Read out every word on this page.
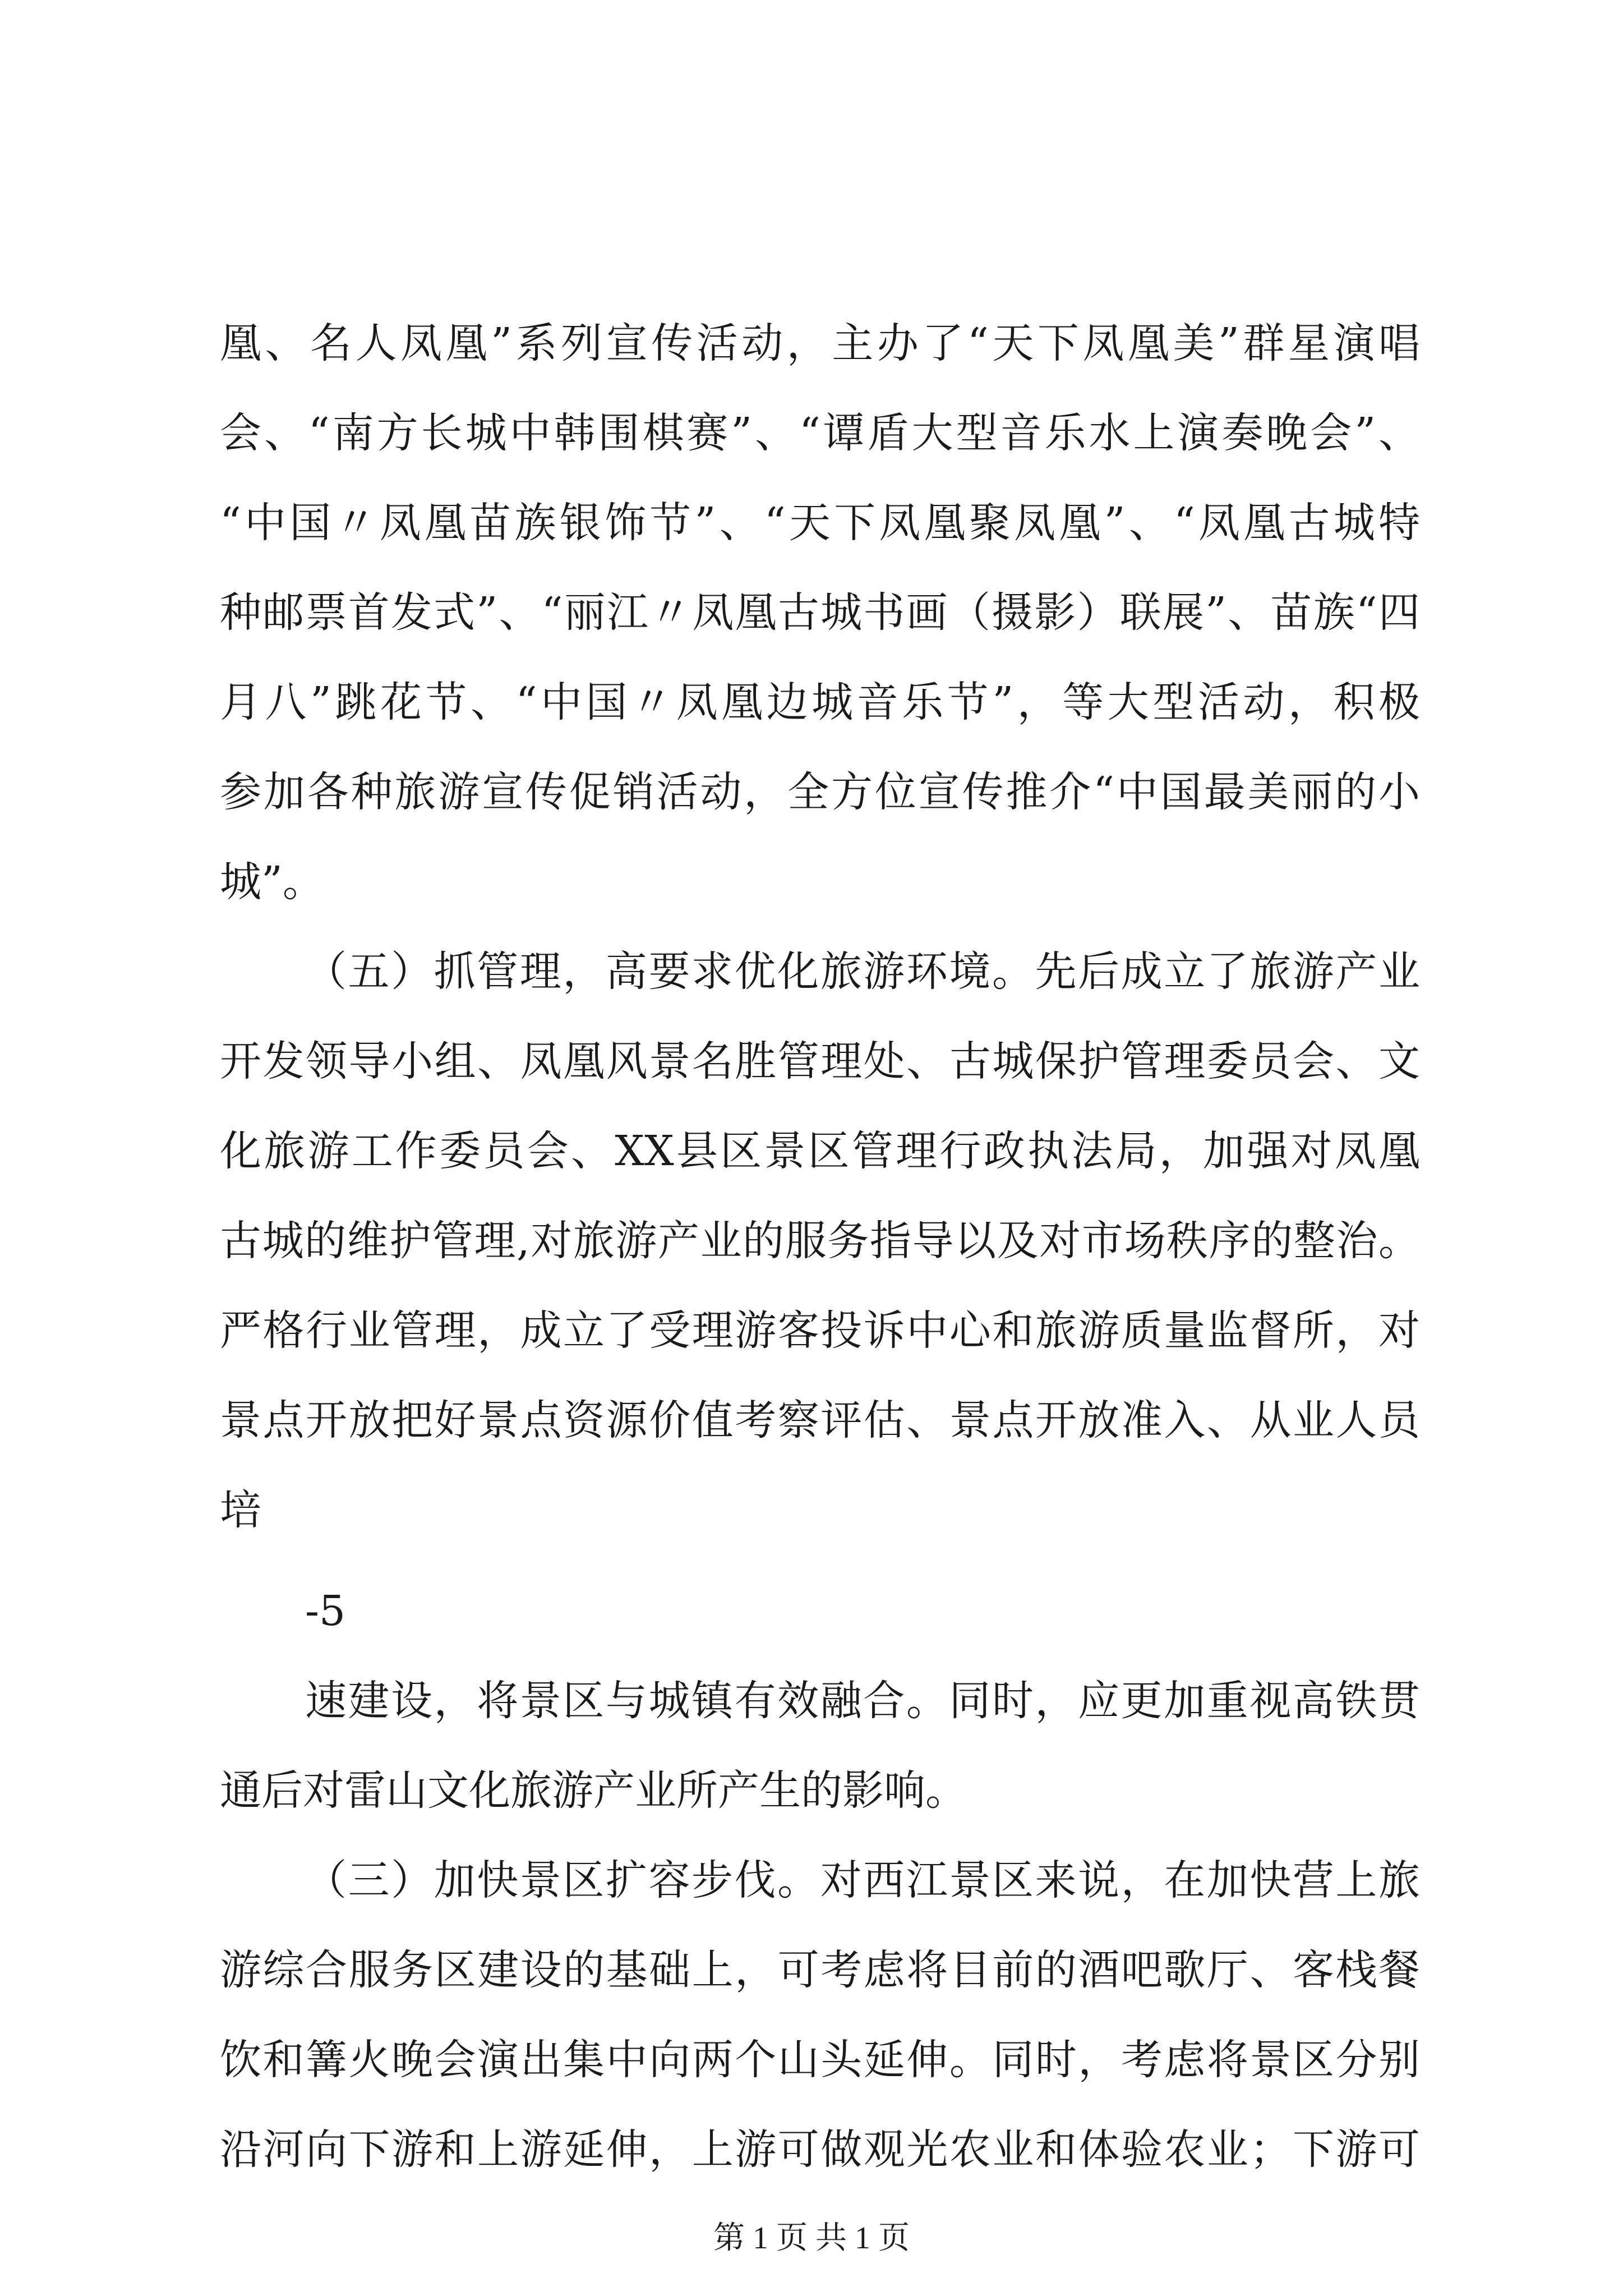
凰、名人凤凰”系列宣传活动，主办了“天下凤凰美”群星演唱
会、“南方长城中韩围棋赛”、“谭盾大型音乐水上演奏晚会”、
“中国〃凤凰苗族银饰节”、“天下凤凰聚凤凰”、“凤凰古城特
种邮票首发式”、“丽江〃凤凰古城书画（摄影）联展”、苗族“四
月八”跳花节、“中国〃凤凰边城音乐节”，等大型活动，积极
参加各种旅游宣传促销活动，全方位宣传推介“中国最美丽的小
城”。
（五）抓管理，高要求优化旅游环境。先后成立了旅游产业
开发领导小组、凤凰风景名胜管理处、古城保护管理委员会、文
化旅游工作委员会、XX县区景区管理行政执法局，加强对凤凰
古城的维护管理,对旅游产业的服务指导以及对市场秩序的整治。
严格行业管理，成立了受理游客投诉中心和旅游质量监督所，对
景点开放把好景点资源价值考察评估、景点开放准入、从业人员
培
-5
速建设，将景区与城镇有效融合。同时，应更加重视高铁贯
通后对雷山文化旅游产业所产生的影响。
（三）加快景区扩容步伐。对西江景区来说，在加快营上旅
游综合服务区建设的基础上，可考虑将目前的酒吧歌厅、客栈餐
饮和篝火晚会演出集中向两个山头延伸。同时，考虑将景区分别
沿河向下游和上游延伸，上游可做观光农业和体验农业；下游可
第 1 页 共 1 页
